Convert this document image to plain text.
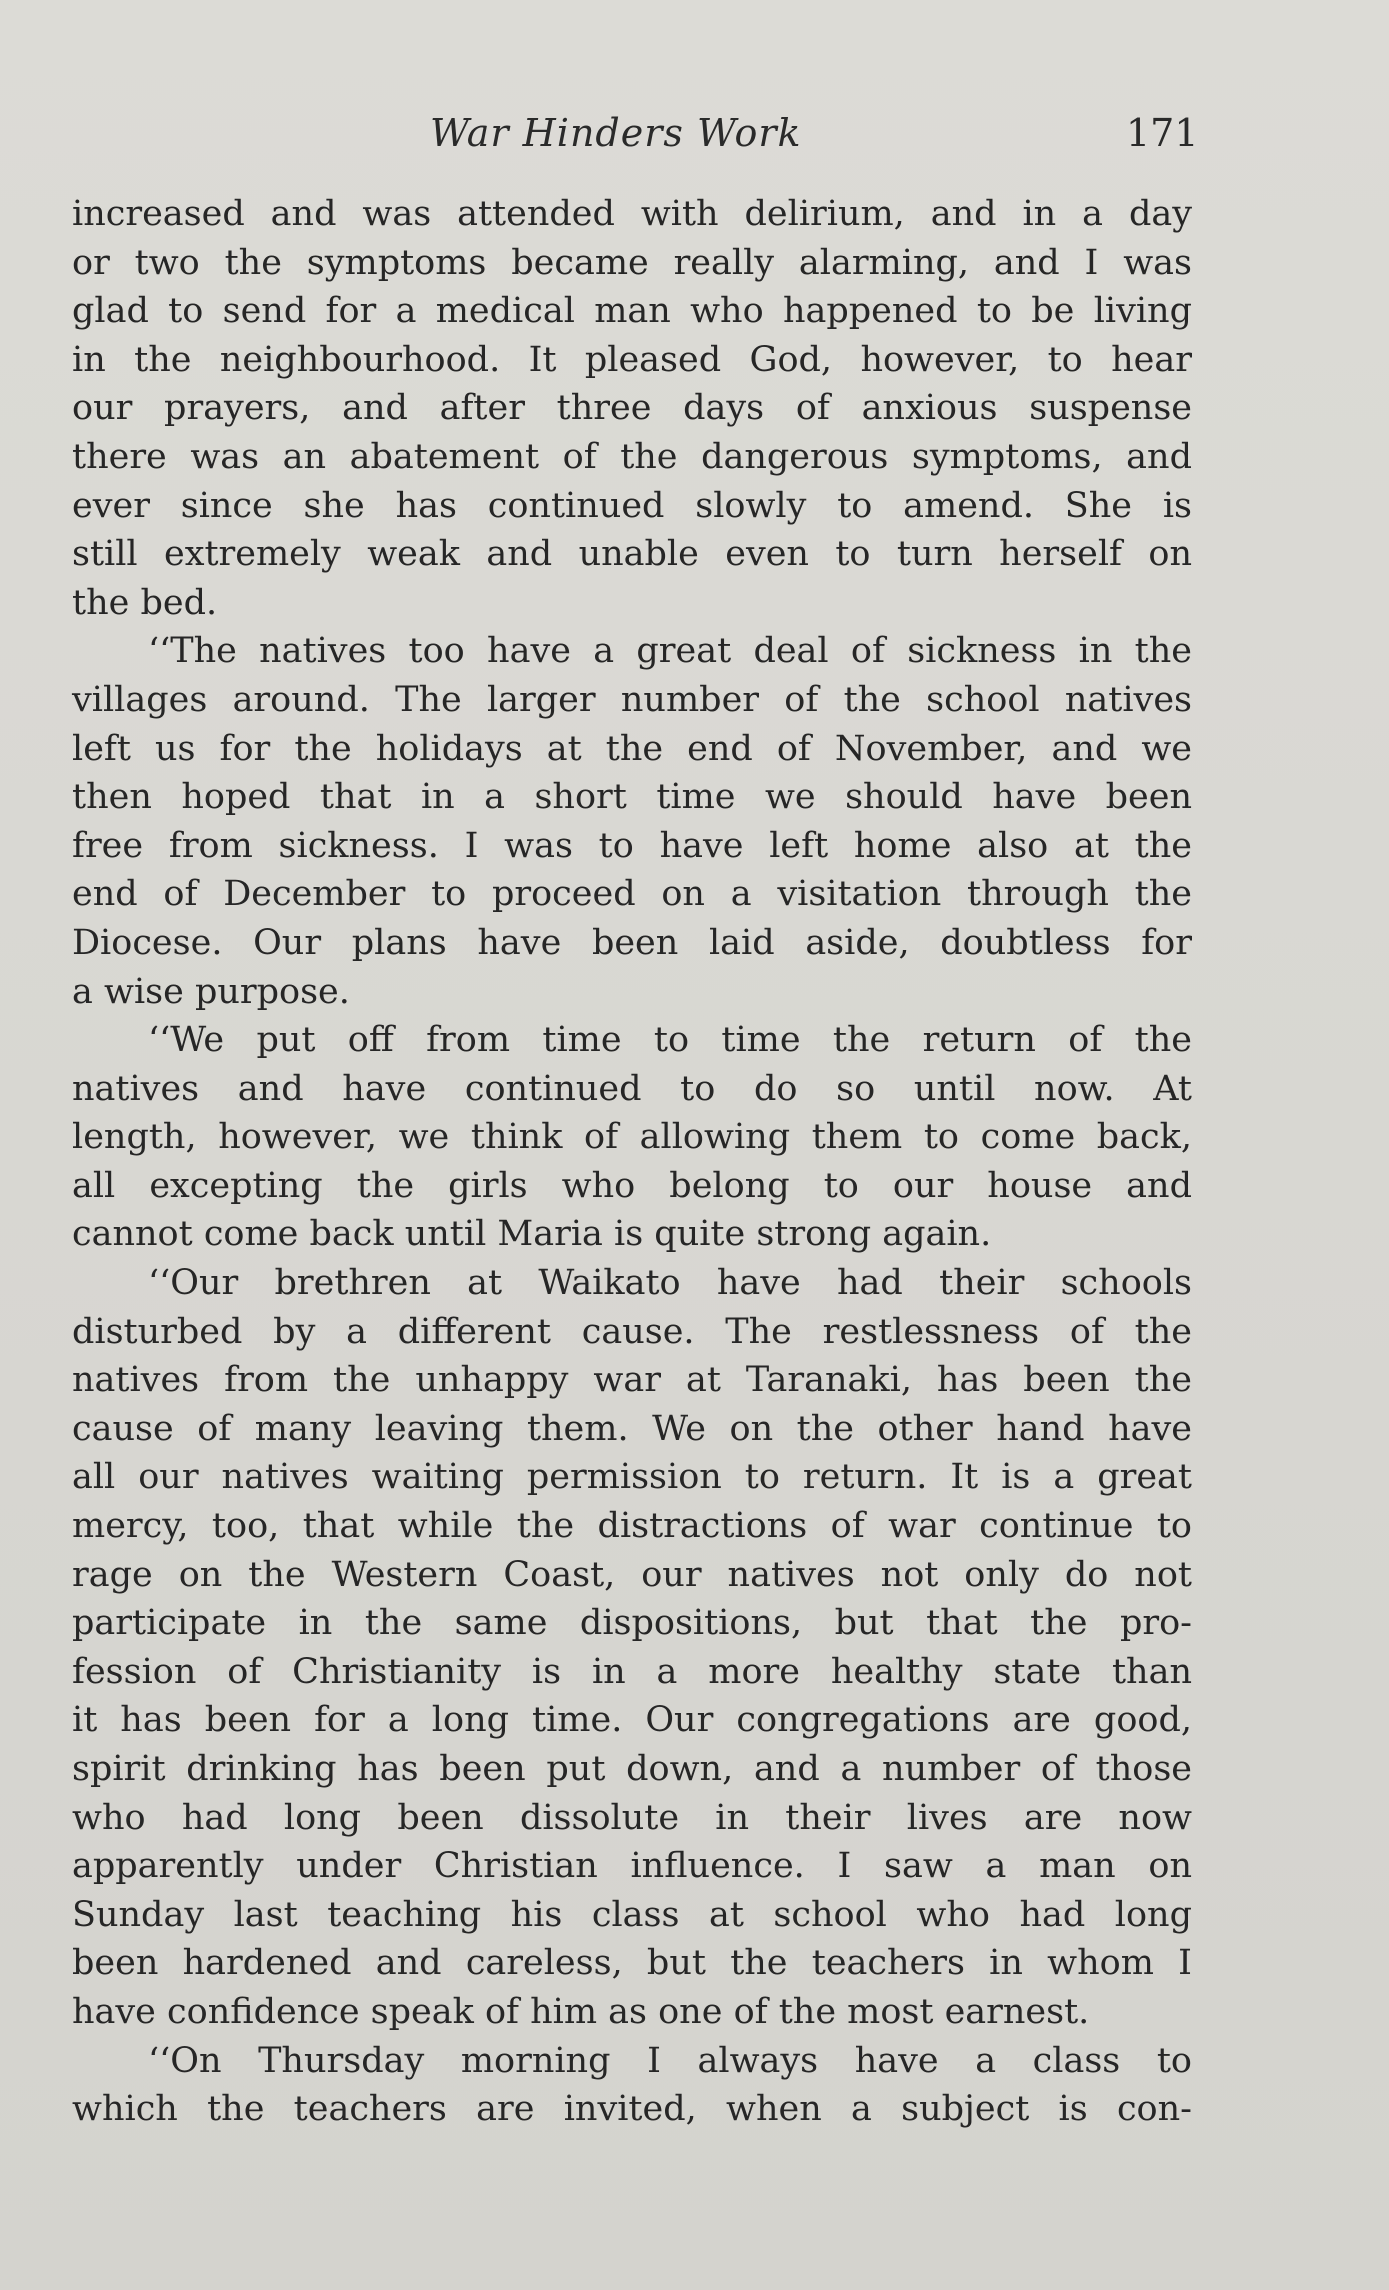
War Hinders Work	171
increased and was attended with delirium, and in a day
or two the symptoms became really alarming, and I was
glad to send for a medical man who happened to be living
in the neighbourhood. It pleased God, however, to hear
our prayers, and after three days of anxious suspense
there was an abatement of the dangerous symptoms, and
ever since she has continued slowly to amend. She is
still extremely weak and unable even to turn herself on
the bed.
‘‘The natives too have a great deal of sickness in the
villages around. The larger number of the school natives
left us for the holidays at the end of November, and we
then hoped that in a short time we should have been
free from sickness. I was to have left home also at the
end of December to proceed on a visitation through the
Diocese. Our plans have been laid aside, doubtless for
a wise purpose.
‘‘We put off from time to time the return of the
natives and have continued to do so until now. At
length, however, we think of allowing them to come back,
all excepting the girls who belong to our house and
cannot come back until Maria is quite strong again.
‘‘Our brethren at Waikato have had their schools
disturbed by a different cause. The restlessness of the
natives from the unhappy war at Taranaki, has been the
cause of many leaving them. We on the other hand have
all our natives waiting permission to return. It is a great
mercy, too, that while the distractions of war continue to
rage on the Western Coast, our natives not only do not
participate in the same dispositions, but that the pro-
fession of Christianity is in a more healthy state than
it has been for a long time. Our congregations are good,
spirit drinking has been put down, and a number of those
who had long been dissolute in their lives are now
apparently under Christian influence. I saw a man on
Sunday last teaching his class at school who had long
been hardened and careless, but the teachers in whom I
have confidence speak of him as one of the most earnest.
‘‘On Thursday morning I always have a class to
which the teachers are invited, when a subject is con-
